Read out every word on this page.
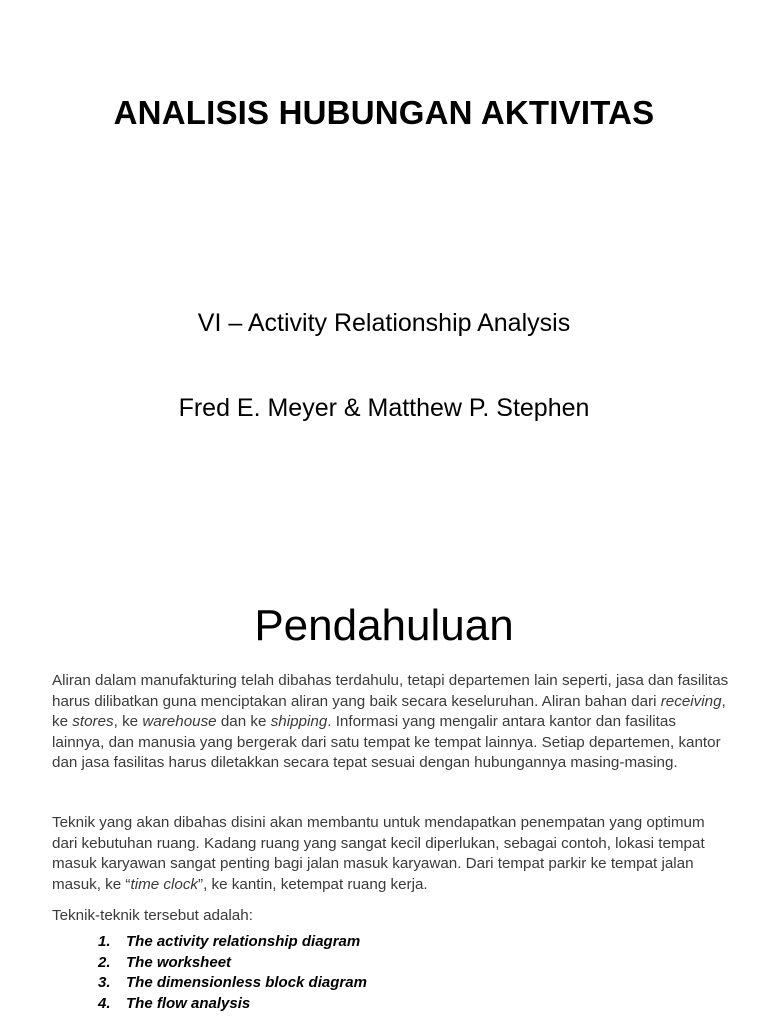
ANALISIS HUBUNGAN AKTIVITAS
VI – Activity Relationship Analysis
Fred E. Meyer & Matthew P. Stephen
Pendahuluan

Aliran dalam manufakturing telah dibahas terdahulu, tetapi departemen lain seperti, jasa dan fasilitas harus dilibatkan guna menciptakan aliran yang baik secara keseluruhan. Aliran bahan dari receiving, ke stores, ke warehouse dan ke shipping. Informasi yang mengalir antara kantor dan fasilitas lainnya, dan manusia yang bergerak dari satu tempat ke tempat lainnya. Setiap departemen, kantor dan jasa fasilitas harus diletakkan secara tepat sesuai dengan hubungannya masing-masing.

Teknik yang akan dibahas disini akan membantu untuk mendapatkan penempatan yang optimum dari kebutuhan ruang. Kadang ruang yang sangat kecil diperlukan, sebagai contoh, lokasi tempat masuk karyawan sangat penting bagi jalan masuk karyawan. Dari tempat parkir ke tempat jalan masuk, ke “time clock”, ke kantin, ketempat ruang kerja.

Teknik-teknik tersebut adalah:

1. The activity relationship diagram
2. The worksheet
3. The dimensionless block diagram
4. The flow analysis
